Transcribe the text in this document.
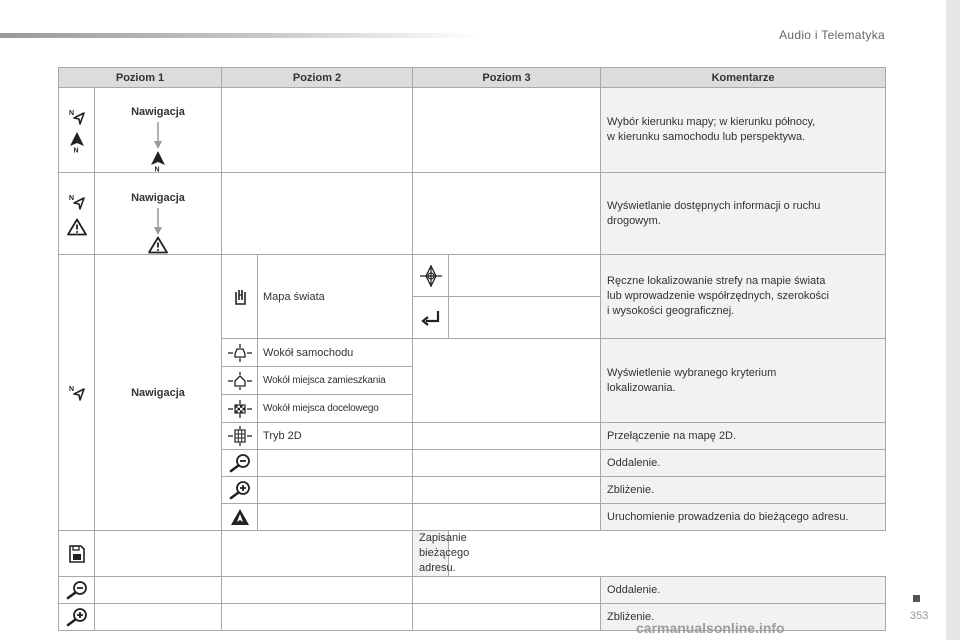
Audio i Telematyka
Poziom 1		Poziom 2		Poziom 3		Komentarze

Nawigacja					Wybór kierunku mapy; w kierunku północy,
w kierunku samochodu lub perspektywa.

Nawigacja					Wyświetlanie dostępnych informacji o ruchu
drogowym.
	Nawigacja		Mapa świata			Ręczne lokalizowanie strefy na mapie świata
lub wprowadzenie współrzędnych, szerokości
i wysokości geograficznej.

	Wokół samochodu			Wyświetlenie wybranego kryterium
lokalizowania.
	Wokół miejsca zamieszkania			
	Wokół miejsca docelowego			
	Tryb 2D			Przełączenie na mapę 2D.
			Oddalenie.
			Zbliżenie.
			Uruchomienie prowadzenia do bieżącego adresu.
			Zapisanie bieżącego adresu.		
				Oddalenie.
				Zbliżenie.	353
carmanualsonline.info
